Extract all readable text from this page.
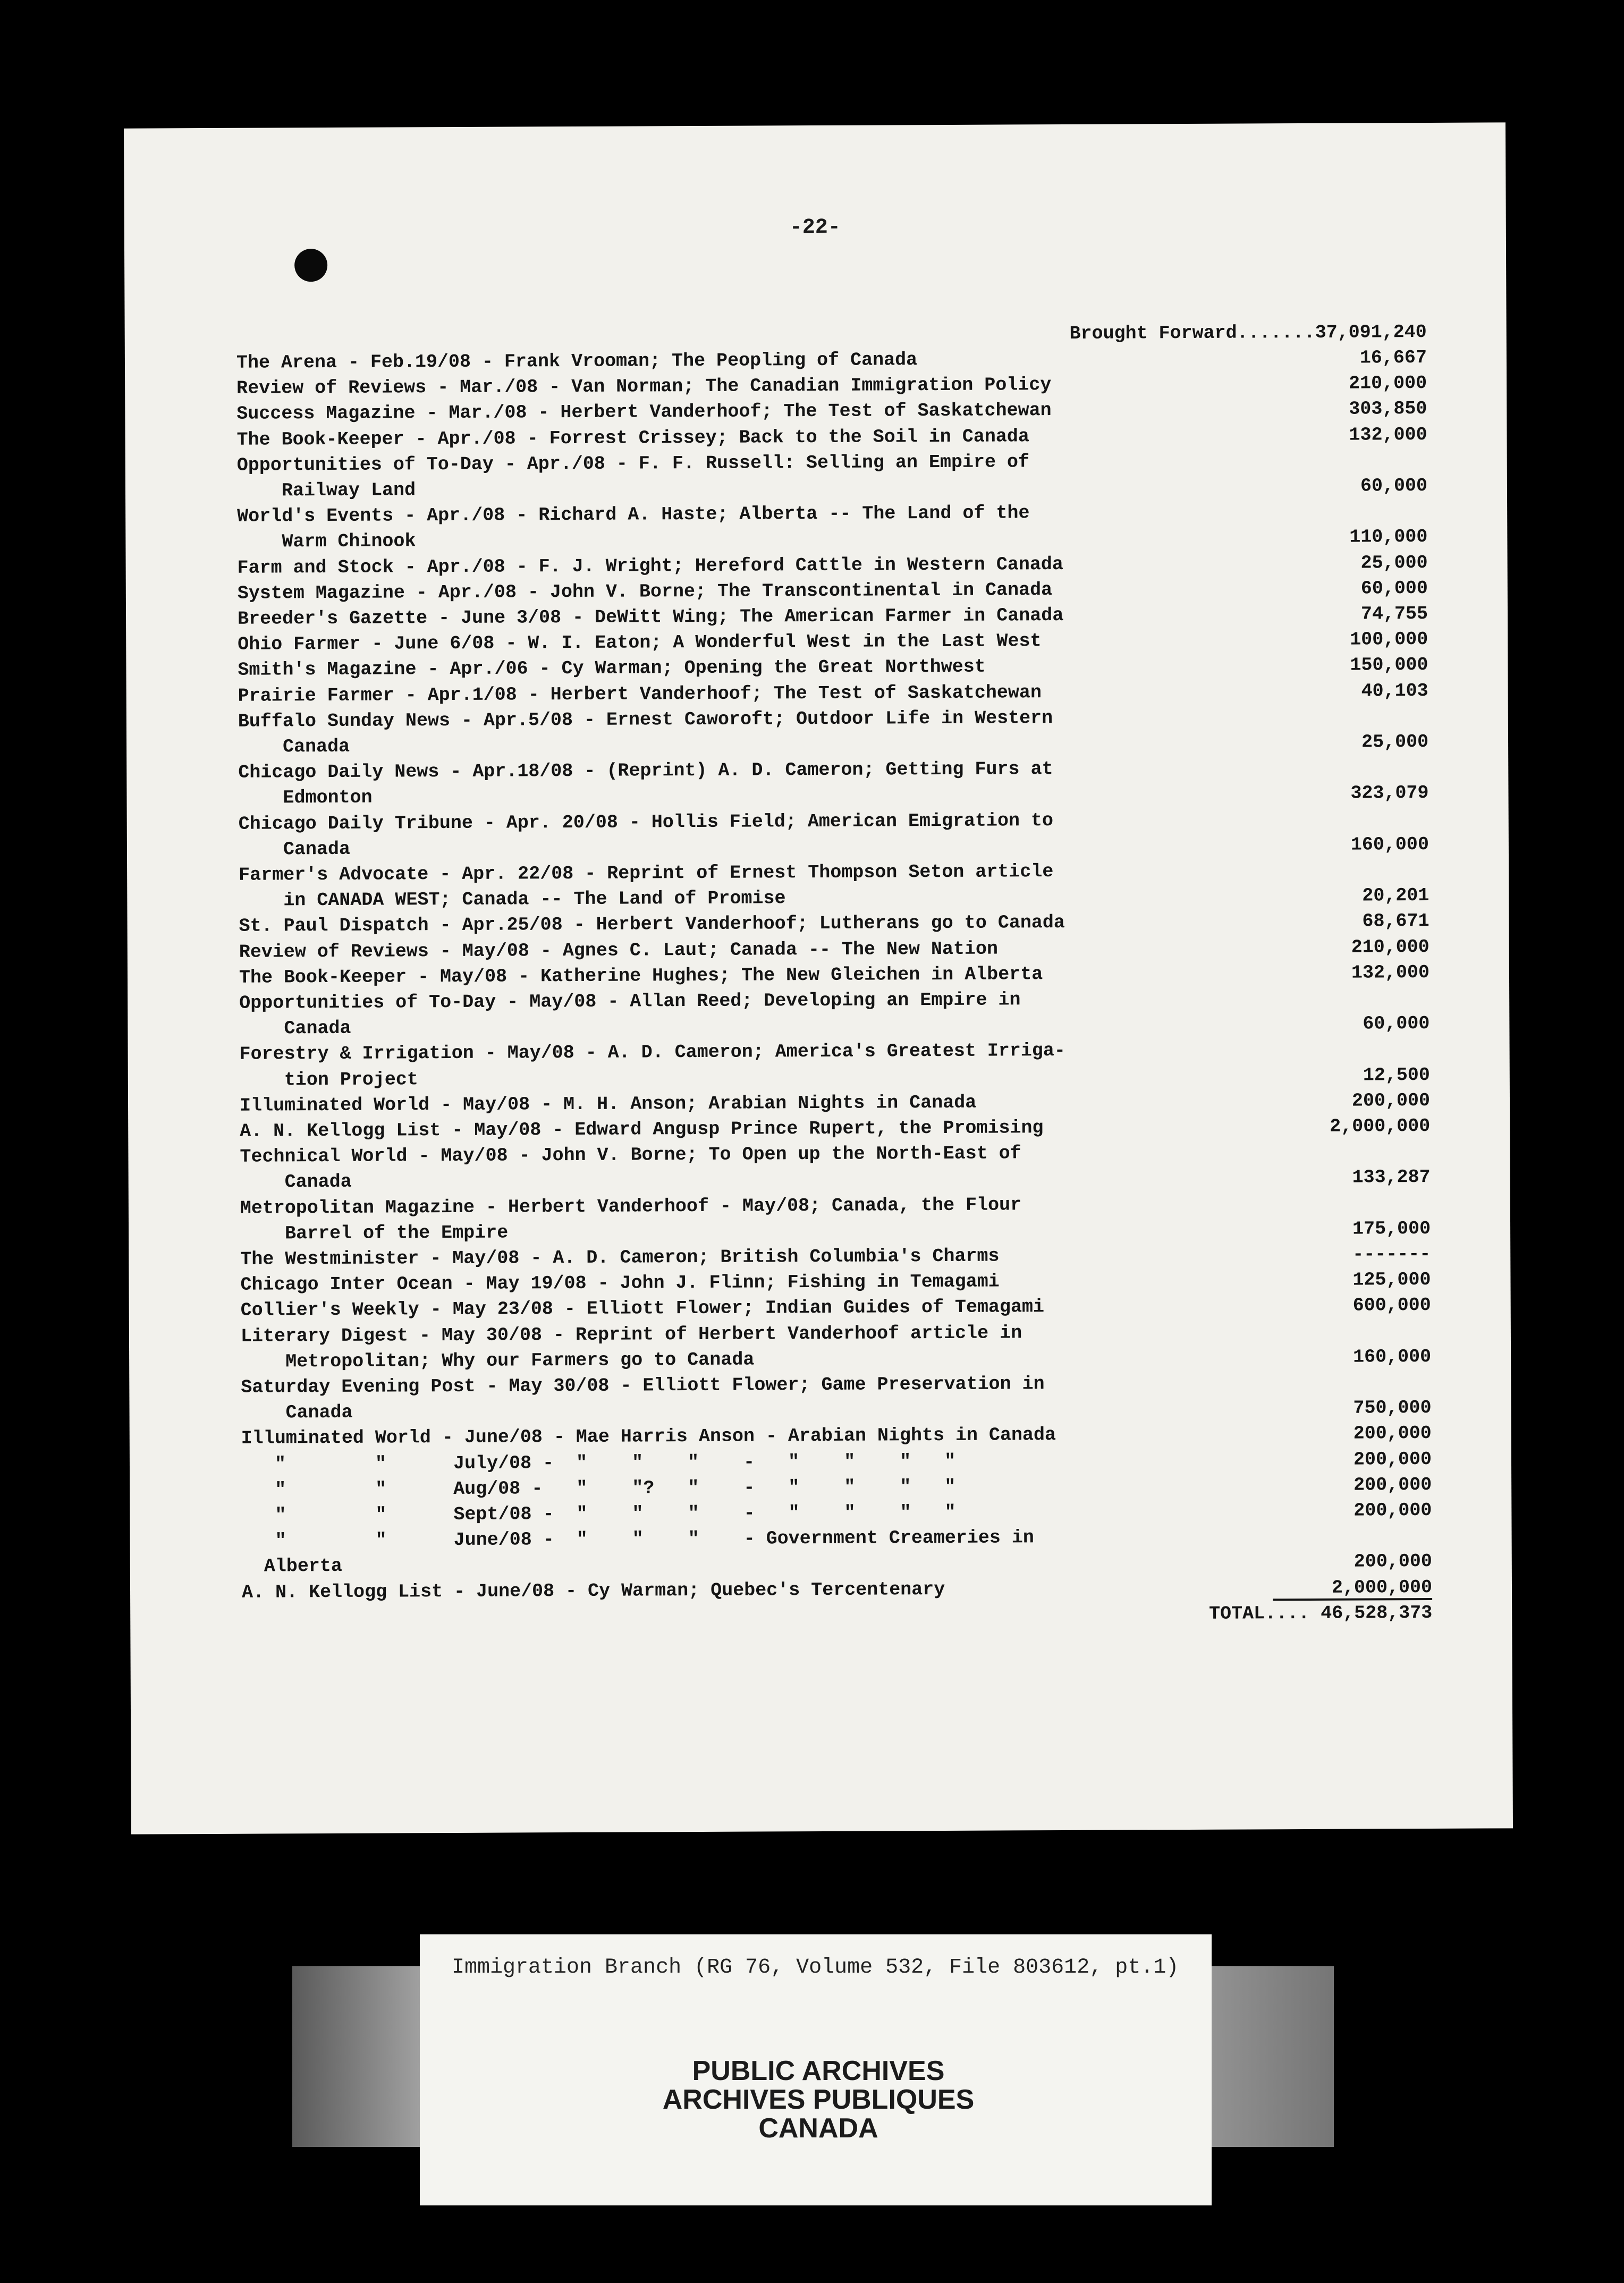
-22-
Brought Forward.......37,091,240
The Arena - Feb.19/08 - Frank Vrooman; The Peopling of Canada	16,667
Review of Reviews - Mar./08 - Van Norman; The Canadian Immigration Policy	210,000
Success Magazine - Mar./08 - Herbert Vanderhoof; The Test of Saskatchewan	303,850
The Book-Keeper - Apr./08 - Forrest Crissey; Back to the Soil in Canada	132,000
Opportunities of To-Day - Apr./08 - F. F. Russell: Selling an Empire of
Railway Land	60,000
World's Events - Apr./08 - Richard A. Haste; Alberta -- The Land of the
Warm Chinook	110,000
Farm and Stock - Apr./08 - F. J. Wright; Hereford Cattle in Western Canada	25,000
System Magazine - Apr./08 - John V. Borne; The Transcontinental in Canada	60,000
Breeder's Gazette - June 3/08 - DeWitt Wing; The American Farmer in Canada	74,755
Ohio Farmer - June 6/08 - W. I. Eaton; A Wonderful West in the Last West	100,000
Smith's Magazine - Apr./06 - Cy Warman; Opening the Great Northwest	150,000
Prairie Farmer - Apr.1/08 - Herbert Vanderhoof; The Test of Saskatchewan	40,103
Buffalo Sunday News - Apr.5/08 - Ernest Caworoft; Outdoor Life in Western
Canada	25,000
Chicago Daily News - Apr.18/08 - (Reprint) A. D. Cameron; Getting Furs at
Edmonton	323,079
Chicago Daily Tribune - Apr. 20/08 - Hollis Field; American Emigration to
Canada	160,000
Farmer's Advocate - Apr. 22/08 - Reprint of Ernest Thompson Seton article
in CANADA WEST; Canada -- The Land of Promise	20,201
St. Paul Dispatch - Apr.25/08 - Herbert Vanderhoof; Lutherans go to Canada	68,671
Review of Reviews - May/08 - Agnes C. Laut; Canada -- The New Nation	210,000
The Book-Keeper - May/08 - Katherine Hughes; The New Gleichen in Alberta	132,000
Opportunities of To-Day - May/08 - Allan Reed; Developing an Empire in
Canada	60,000
Forestry & Irrigation - May/08 - A. D. Cameron; America's Greatest Irriga-
tion Project	12,500
Illuminated World - May/08 - M. H. Anson; Arabian Nights in Canada	200,000
A. N. Kellogg List - May/08 - Edward Angusp Prince Rupert, the Promising	2,000,000
Technical World - May/08 - John V. Borne; To Open up the North-East of
Canada	133,287
Metropolitan Magazine - Herbert Vanderhoof - May/08; Canada, the Flour
Barrel of the Empire	175,000
The Westminister - May/08 - A. D. Cameron; British Columbia's Charms	-------
Chicago Inter Ocean - May 19/08 - John J. Flinn; Fishing in Temagami	125,000
Collier's Weekly - May 23/08 - Elliott Flower; Indian Guides of Temagami	600,000
Literary Digest - May 30/08 - Reprint of Herbert Vanderhoof article in
Metropolitan; Why our Farmers go to Canada	160,000
Saturday Evening Post - May 30/08 - Elliott Flower; Game Preservation in
Canada	750,000
Illuminated World - June/08 - Mae Harris Anson - Arabian Nights in Canada	200,000
"        "      July/08 -  "    "    "    -   "    "    "   "	200,000
"        "      Aug/08 -   "    "?   "    -   "    "    "   "	200,000
"        "      Sept/08 -  "    "    "    -   "    "    "   "	200,000
"        "      June/08 -  "    "    "    - Government Creameries in
Alberta	200,000
A. N. Kellogg List - June/08 - Cy Warman; Quebec's Tercentenary	2,000,000
TOTAL.... 46,528,373
Immigration Branch (RG 76, Volume 532, File 803612, pt.1)
PUBLIC ARCHIVES
ARCHIVES PUBLIQUES
CANADA
